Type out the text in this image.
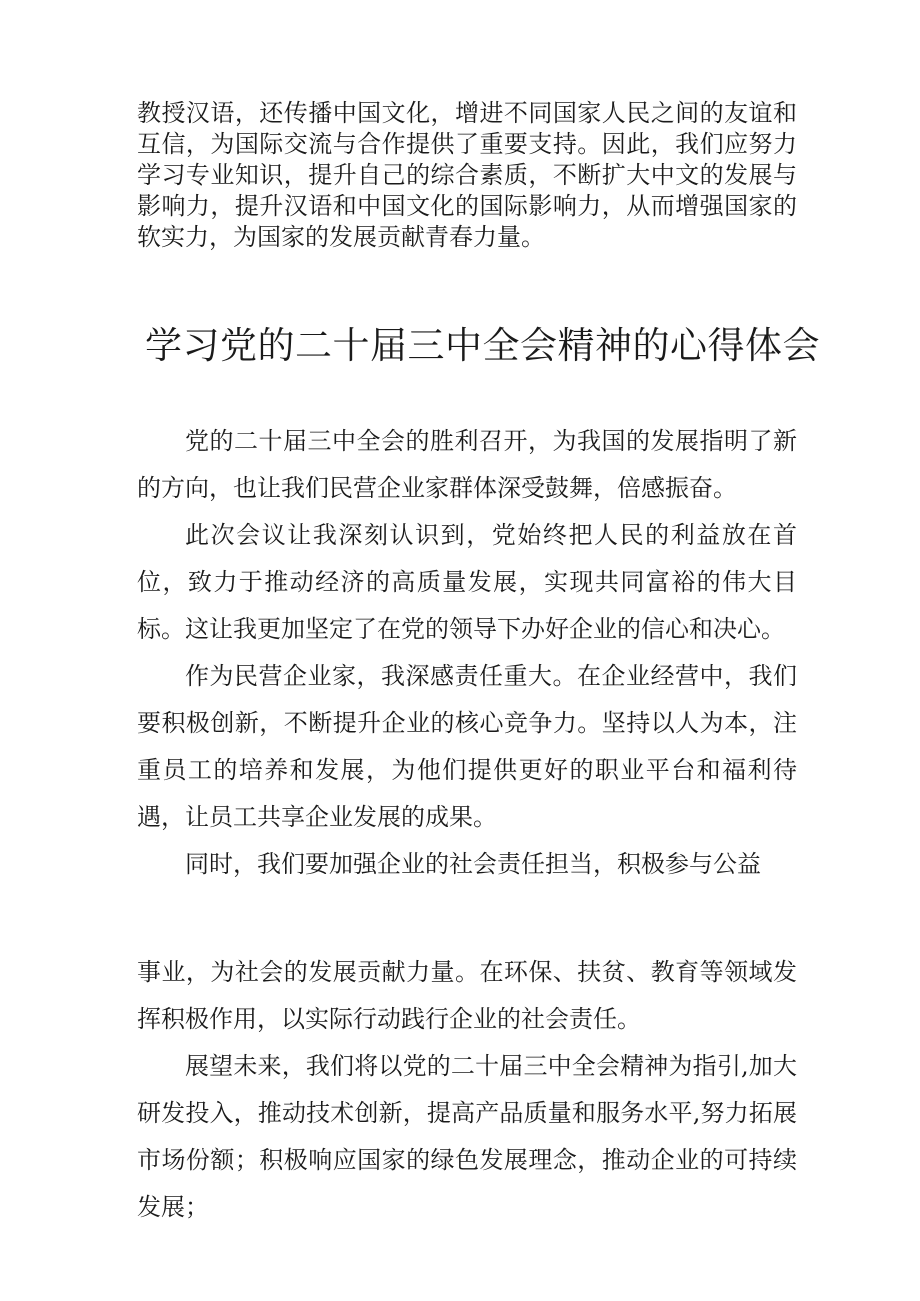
教授汉语，还传播中国文化，增进不同国家人民之间的友谊和互信，为国际交流与合作提供了重要支持。因此，我们应努力学习专业知识，提升自己的综合素质，不断扩大中文的发展与影响力，提升汉语和中国文化的国际影响力，从而增强国家的软实力，为国家的发展贡献青春力量。

学习党的二十届三中全会精神的心得体会

党的二十届三中全会的胜利召开，为我国的发展指明了新的方向，也让我们民营企业家群体深受鼓舞，倍感振奋。

此次会议让我深刻认识到，党始终把人民的利益放在首位，致力于推动经济的高质量发展，实现共同富裕的伟大目标。这让我更加坚定了在党的领导下办好企业的信心和决心。

作为民营企业家，我深感责任重大。在企业经营中，我们要积极创新，不断提升企业的核心竞争力。坚持以人为本，注重员工的培养和发展，为他们提供更好的职业平台和福利待遇，让员工共享企业发展的成果。

同时，我们要加强企业的社会责任担当，积极参与公益

事业，为社会的发展贡献力量。在环保、扶贫、教育等领域发挥积极作用，以实际行动践行企业的社会责任。

展望未来，我们将以党的二十届三中全会精神为指引,加大研发投入，推动技术创新，提高产品质量和服务水平,努力拓展市场份额；积极响应国家的绿色发展理念，推动企业的可持续发展；
